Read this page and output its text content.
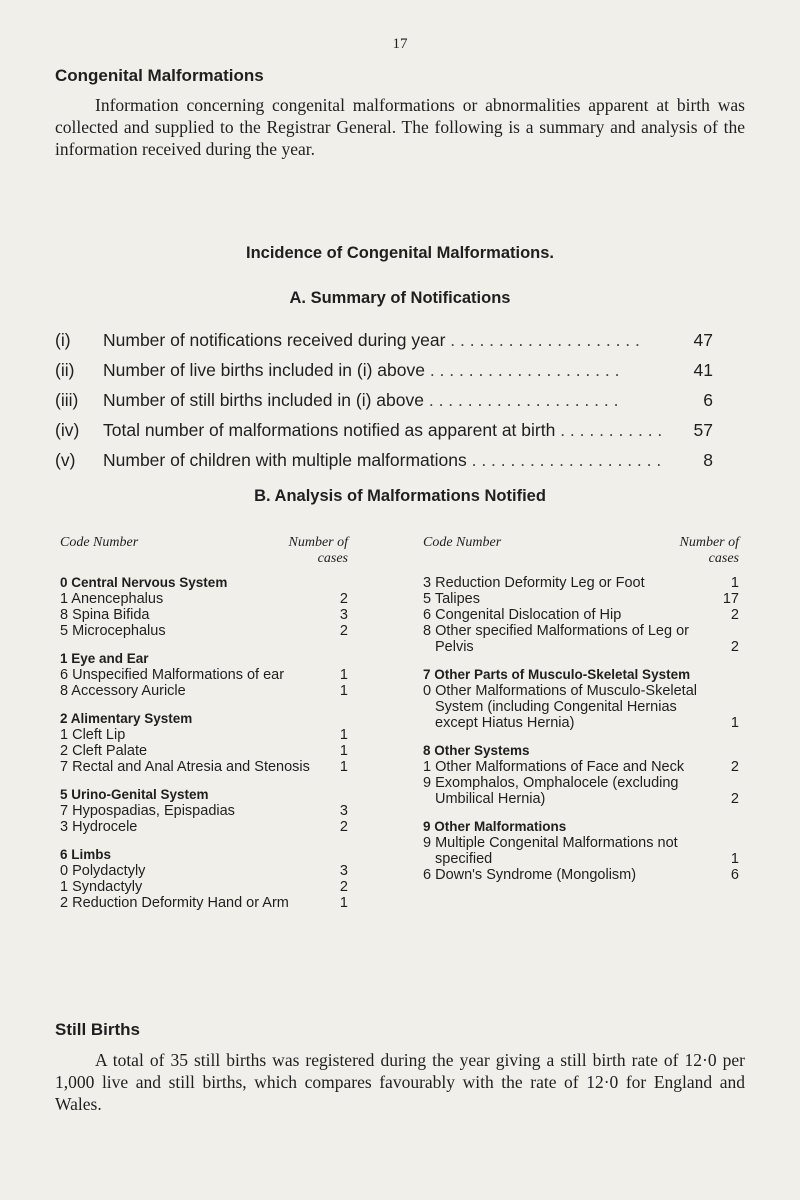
17
Congenital Malformations
Information concerning congenital malformations or abnormalities apparent at birth was collected and supplied to the Registrar General. The following is a summary and analysis of the information received during the year.
Incidence of Congenital Malformations.
A. Summary of Notifications
(i)	Number of notifications received during year . .	47
(ii)	Number of live births included in (i) above . .	41
(iii)	Number of still births included in (i) above . .	6
(iv)	Total number of malformations notified as apparent at birth . .	57
(v)	Number of children with multiple malformations . .	8
B. Analysis of Malformations Notified
Code Number	Number of cases
0 Central Nervous System
1 Anencephalus	2
8 Spina Bifida	3
5 Microcephalus	2
1 Eye and Ear
6 Unspecified Malformations of ear	1
8 Accessory Auricle	1
2 Alimentary System
1 Cleft Lip	1
2 Cleft Palate	1
7 Rectal and Anal Atresia and Stenosis	1
5 Urino-Genital System
7 Hypospadias, Epispadias	3
3 Hydrocele	2
6 Limbs
0 Polydactyly	3
1 Syndactyly	2
2 Reduction Deformity Hand or Arm	1
Code Number	Number of cases
3 Reduction Deformity Leg or Foot	1
5 Talipes	17
6 Congenital Dislocation of Hip	2
8 Other specified Malformations of Leg or Pelvis	2
7 Other Parts of Musculo-Skeletal System
0 Other Malformations of Musculo-Skeletal System (including Congenital Hernias except Hiatus Hernia)	1
8 Other Systems
1 Other Malformations of Face and Neck	2
9 Exomphalos, Omphalocele (excluding Umbilical Hernia)	2
9 Other Malformations
9 Multiple Congenital Malformations not specified	1
6 Down's Syndrome (Mongolism)	6
Still Births
A total of 35 still births was registered during the year giving a still birth rate of 12·0 per 1,000 live and still births, which compares favourably with the rate of 12·0 for England and Wales.
